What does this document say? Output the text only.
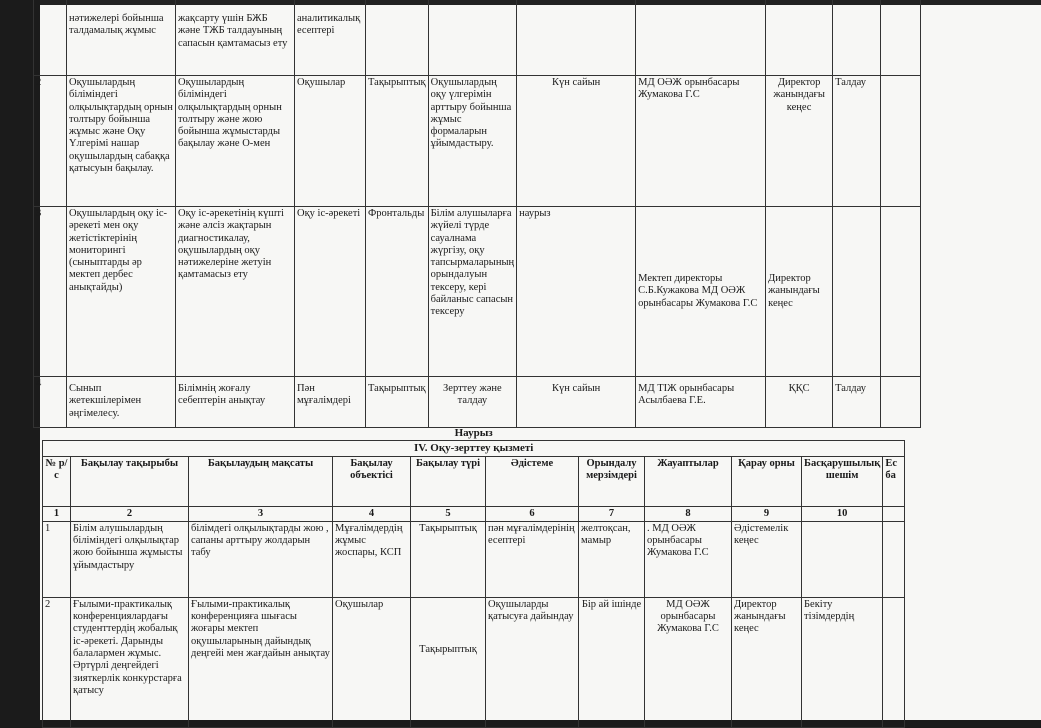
	нәтижелері бойынша талдамалық жұмыс	жақсарту үшін БЖБ және ТЖБ талдауының сапасын қамтамасыз ету	аналитикалық есептері							
2	Оқушылардың біліміндегі олқылықтардың орнын толтыру бойынша жұмыс және Оқу Үлгерімі нашар оқушылардың сабаққа қатысуын бақылау.	Оқушылардың біліміндегі олқылықтардың орнын толтыру және жою бойынша жұмыстарды бақылау және О-мен	Оқушылар	Тақырыптық	Оқушылардың оқу үлгерімін арттыру бойынша жұмыс формаларын ұйымдастыру.	Күн сайын	МД ОӘЖ орынбасары Жумакова Г.С	Директор жанындағы кеңес	Талдау	
3	Оқушылардың оқу іс-әрекеті мен оқу жетістіктерінің мониторингі (сыныптарды әр мектеп дербес анықтайды)	Оқу іс-әрекетінің күшті және әлсіз жақтарын диагностикалау, оқушылардың оқу нәтижелеріне жетуін қамтамасыз ету	Оқу іс-әрекеті	Фронтальды	Білім алушыларға жүйелі түрде сауалнама жүргізу, оқу тапсырмаларының орындалуын тексеру, кері байланыс сапасын тексеру	наурыз	Мектеп директоры С.Б.Кужакова МД ОӘЖ орынбасары Жумакова Г.С	Директор жанындағы кеңес		
4	Сынып жетекшілерімен әңгімелесу.	Білімнің жоғалу себептерін анықтау	Пән мұғалімдері	Тақырыптық	Зерттеу және талдау	Күн сайын	МД ТІЖ орынбасары Асылбаева Г.Е.	ҚҚС	Талдау	
Наурыз										
IV. Оқу-зерттеу қызметі										
№ р/с	Бақылау тақырыбы	Бақылаудың мақсаты	Бақылау объектісі	Бақылау түрі	Әдістеме	Орындалу мерзімдері	Жауаптылар	Қарау орны	Басқарушылық шешім	Ес ба
1	2	3	4	5	6	7	8	9	10	
1	Білім алушылардың біліміндегі олқылықтар жою бойынша жұмысты ұйымдастыру	білімдегі олқылықтарды жою , сапаны арттыру жолдарын табу	Мұғалімдердің жұмыс жоспары, КСП	Тақырыптық	пән мұғалімдерінің есептері	желтоқсан, мамыр	. МД ОӘЖ орынбасары Жумакова Г.С	Әдістемелік кеңес		
2	Ғылыми-практикалық конференциялардағы студенттердің жобалық іс-әрекеті. Дарынды балалармен жұмыс. Әртүрлі деңгейдегі зияткерлік конкурстарға қатысу	Ғылыми-практикалық конференцияға шығасы жоғары мектеп оқушыларының дайындық деңгейі мен жағдайын анықтау	Оқушылар	Тақырыптық	Оқушыларды қатысуға дайындау	Бір ай ішінде	МД ОӘЖ орынбасары Жумакова Г.С	Директор жанындағы кеңес	Бекіту тізімдердің	
